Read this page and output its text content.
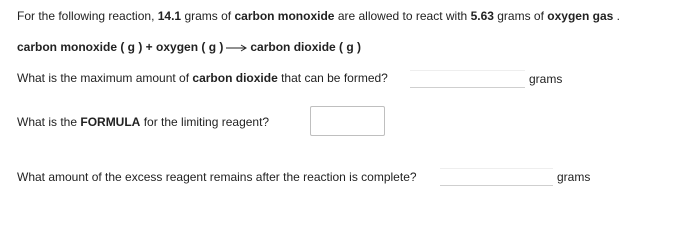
For the following reaction, 14.1 grams of carbon monoxide are allowed to react with 5.63 grams of oxygen gas .
carbon monoxide ( g ) + oxygen ( g ) → carbon dioxide ( g )
What is the maximum amount of carbon dioxide that can be formed?	grams
What is the FORMULA for the limiting reagent?
What amount of the excess reagent remains after the reaction is complete?	grams
